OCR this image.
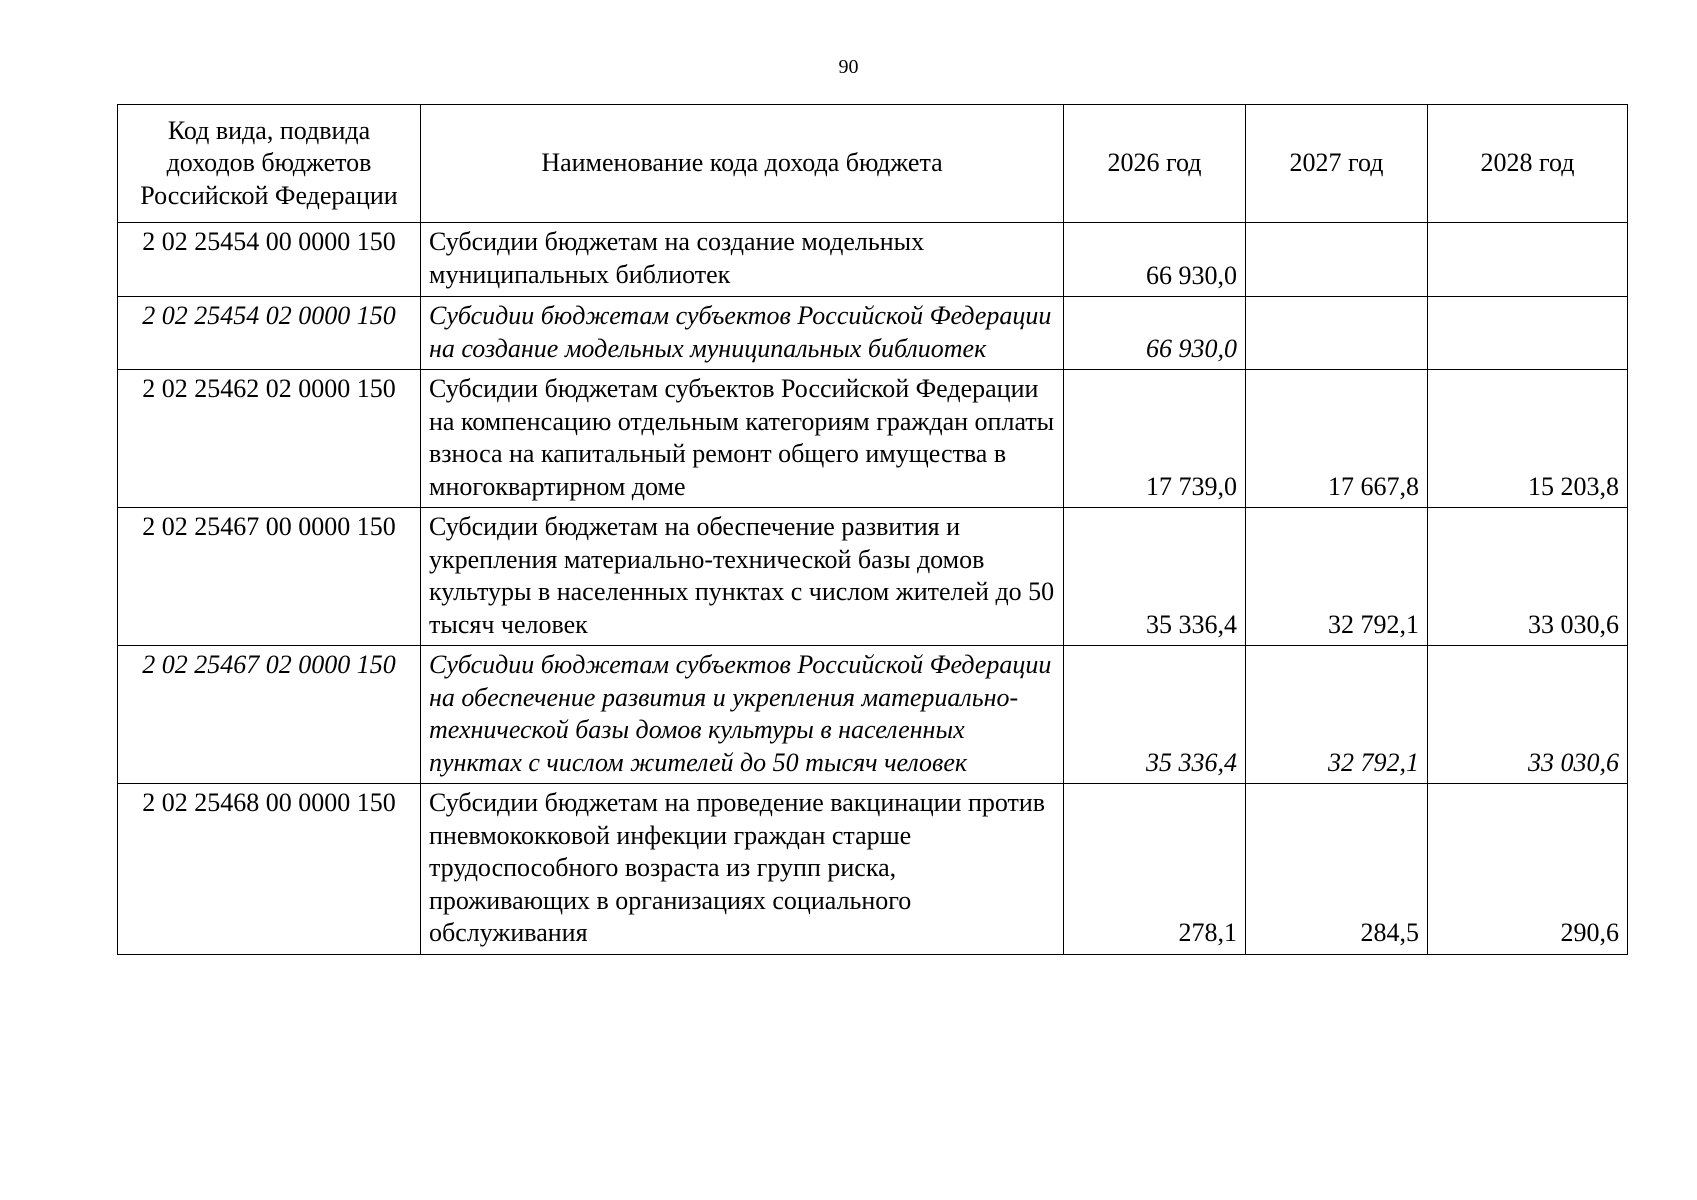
90
Код вида, подвида доходов бюджетов Российской Федерации	Наименование кода дохода бюджета	2026 год	2027 год	2028 год
2 02 25454 00 0000 150	Субсидии бюджетам на создание модельных муниципальных библиотек	66 930,0		
2 02 25454 02 0000 150	Субсидии бюджетам субъектов Российской Федерации на создание модельных муниципальных библиотек	66 930,0		
2 02 25462 02 0000 150	Субсидии бюджетам субъектов Российской Федерации на компенсацию отдельным категориям граждан оплаты взноса на капитальный ремонт общего имущества в многоквартирном доме	17 739,0	17 667,8	15 203,8
2 02 25467 00 0000 150	Субсидии бюджетам на обеспечение развития и укрепления материально-технической базы домов культуры в населенных пунктах с числом жителей до 50 тысяч человек	35 336,4	32 792,1	33 030,6
2 02 25467 02 0000 150	Субсидии бюджетам субъектов Российской Федерации на обеспечение развития и укрепления материально-технической базы домов культуры в населенных пунктах с числом жителей до 50 тысяч человек	35 336,4	32 792,1	33 030,6
2 02 25468 00 0000 150	Субсидии бюджетам на проведение вакцинации против пневмококковой инфекции граждан старше трудоспособного возраста из групп риска, проживающих в организациях социального обслуживания	278,1	284,5	290,6
